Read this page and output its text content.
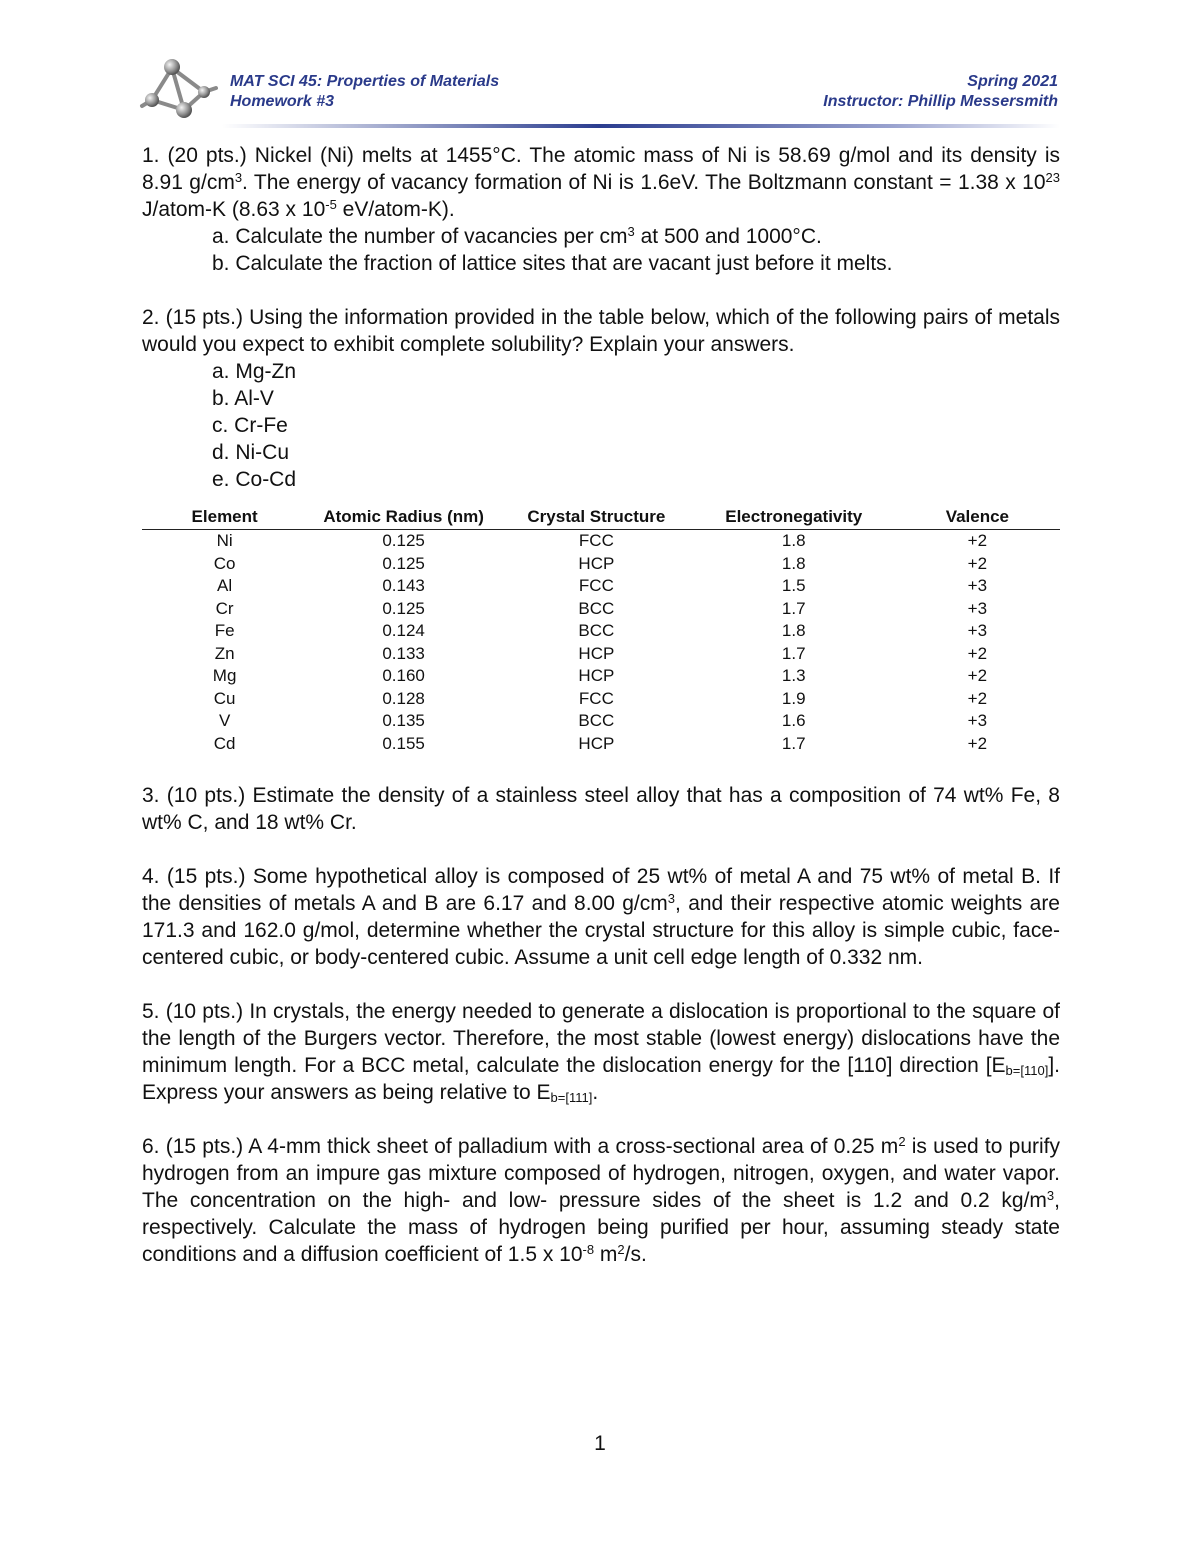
MAT SCI 45: Properties of Materials
Homework #3
Spring 2021
Instructor: Phillip Messersmith

1. (20 pts.) Nickel (Ni) melts at 1455°C. The atomic mass of Ni is 58.69 g/mol and its density is 8.91 $g/cm^3$. The energy of vacancy formation of Ni is 1.6eV. The Boltzmann constant = 1.38 x $10^{23}$ J/atom-K (8.63 x $10^{-5}$ eV/atom-K).

a. Calculate the number of vacancies per $cm^3$ at 500 and 1000°C.

b. Calculate the fraction of lattice sites that are vacant just before it melts.

2. (15 pts.) Using the information provided in the table below, which of the following pairs of metals would you expect to exhibit complete solubility? Explain your answers.

a. Mg-Zn

b. Al-V

c. Cr-Fe

d. Ni-Cu

e. Co-Cd

Element	Atomic Radius (nm)	Crystal Structure	Electronegativity	Valence
Ni	0.125	FCC	1.8	+2
Co	0.125	HCP	1.8	+2
Al	0.143	FCC	1.5	+3
Cr	0.125	BCC	1.7	+3
Fe	0.124	BCC	1.8	+3
Zn	0.133	HCP	1.7	+2
Mg	0.160	HCP	1.3	+2
Cu	0.128	FCC	1.9	+2
V	0.135	BCC	1.6	+3
Cd	0.155	HCP	1.7	+2

3. (10 pts.) Estimate the density of a stainless steel alloy that has a composition of 74 wt% Fe, 8 wt% C, and 18 wt% Cr.

4. (15 pts.) Some hypothetical alloy is composed of 25 wt% of metal A and 75 wt% of metal B. If the densities of metals A and B are 6.17 and 8.00 $g/cm^3$, and their respective atomic weights are 171.3 and 162.0 g/mol, determine whether the crystal structure for this alloy is simple cubic, face-centered cubic, or body-centered cubic. Assume a unit cell edge length of 0.332 nm.

5. (10 pts.) In crystals, the energy needed to generate a dislocation is proportional to the square of the length of the Burgers vector. Therefore, the most stable (lowest energy) dislocations have the minimum length. For a BCC metal, calculate the dislocation energy for the [110] direction $[E_{b=[110]}]$. Express your answers as being relative to $E_{b=[111]}$.

6. (15 pts.) A 4-mm thick sheet of palladium with a cross-sectional area of 0.25 $m^2$ is used to purify hydrogen from an impure gas mixture composed of hydrogen, nitrogen, oxygen, and water vapor. The concentration on the high- and low- pressure sides of the sheet is 1.2 and 0.2 $kg/m^3$, respectively. Calculate the mass of hydrogen being purified per hour, assuming steady state conditions and a diffusion coefficient of 1.5 x $10^{-8}$ $m^2/s$.

1
